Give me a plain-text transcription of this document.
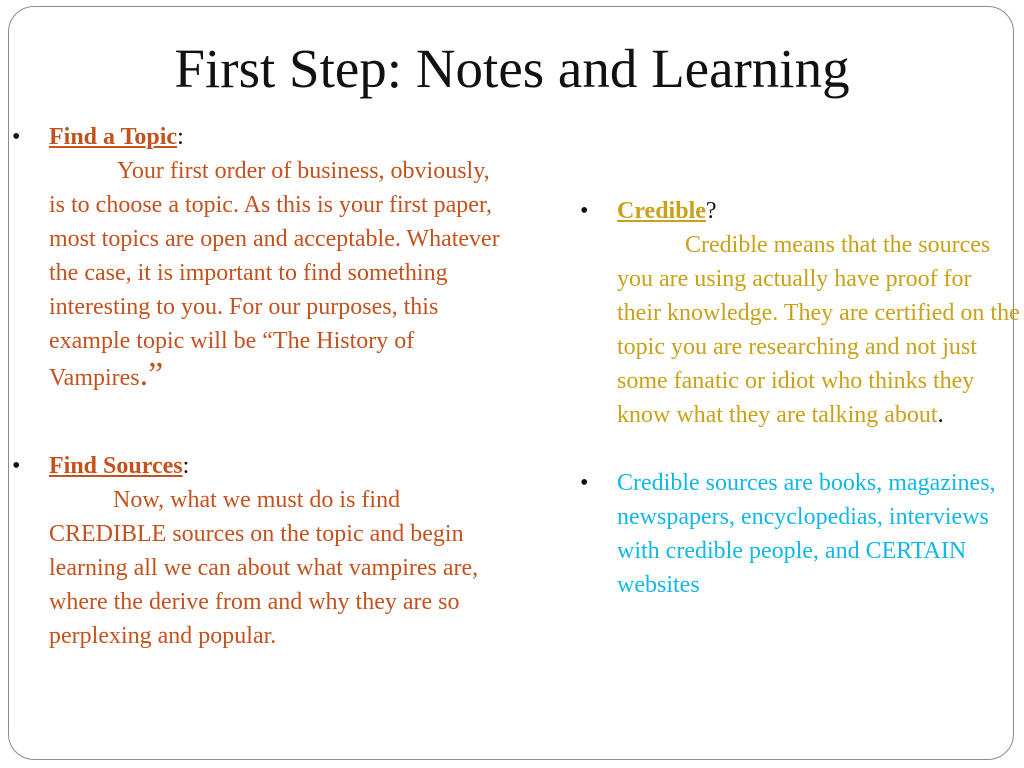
First Step: Notes and Learning
• Find a Topic:

Your first order of business, obviously, is to choose a topic. As this is your first paper, most topics are open and acceptable. Whatever the case, it is important to find something interesting to you. For our purposes, this example topic will be “The History of Vampires.”

• Find Sources:

Now, what we must do is find CREDIBLE sources on the topic and begin learning all we can about what vampires are, where the derive from and why they are so perplexing and popular.

• Credible?

Credible means that the sources you are using actually have proof for their knowledge. They are certified on the topic you are researching and not just some fanatic or idiot who thinks they know what they are talking about.

• Credible sources are books, magazines, newspapers, encyclopedias, interviews with credible people, and CERTAIN websites
